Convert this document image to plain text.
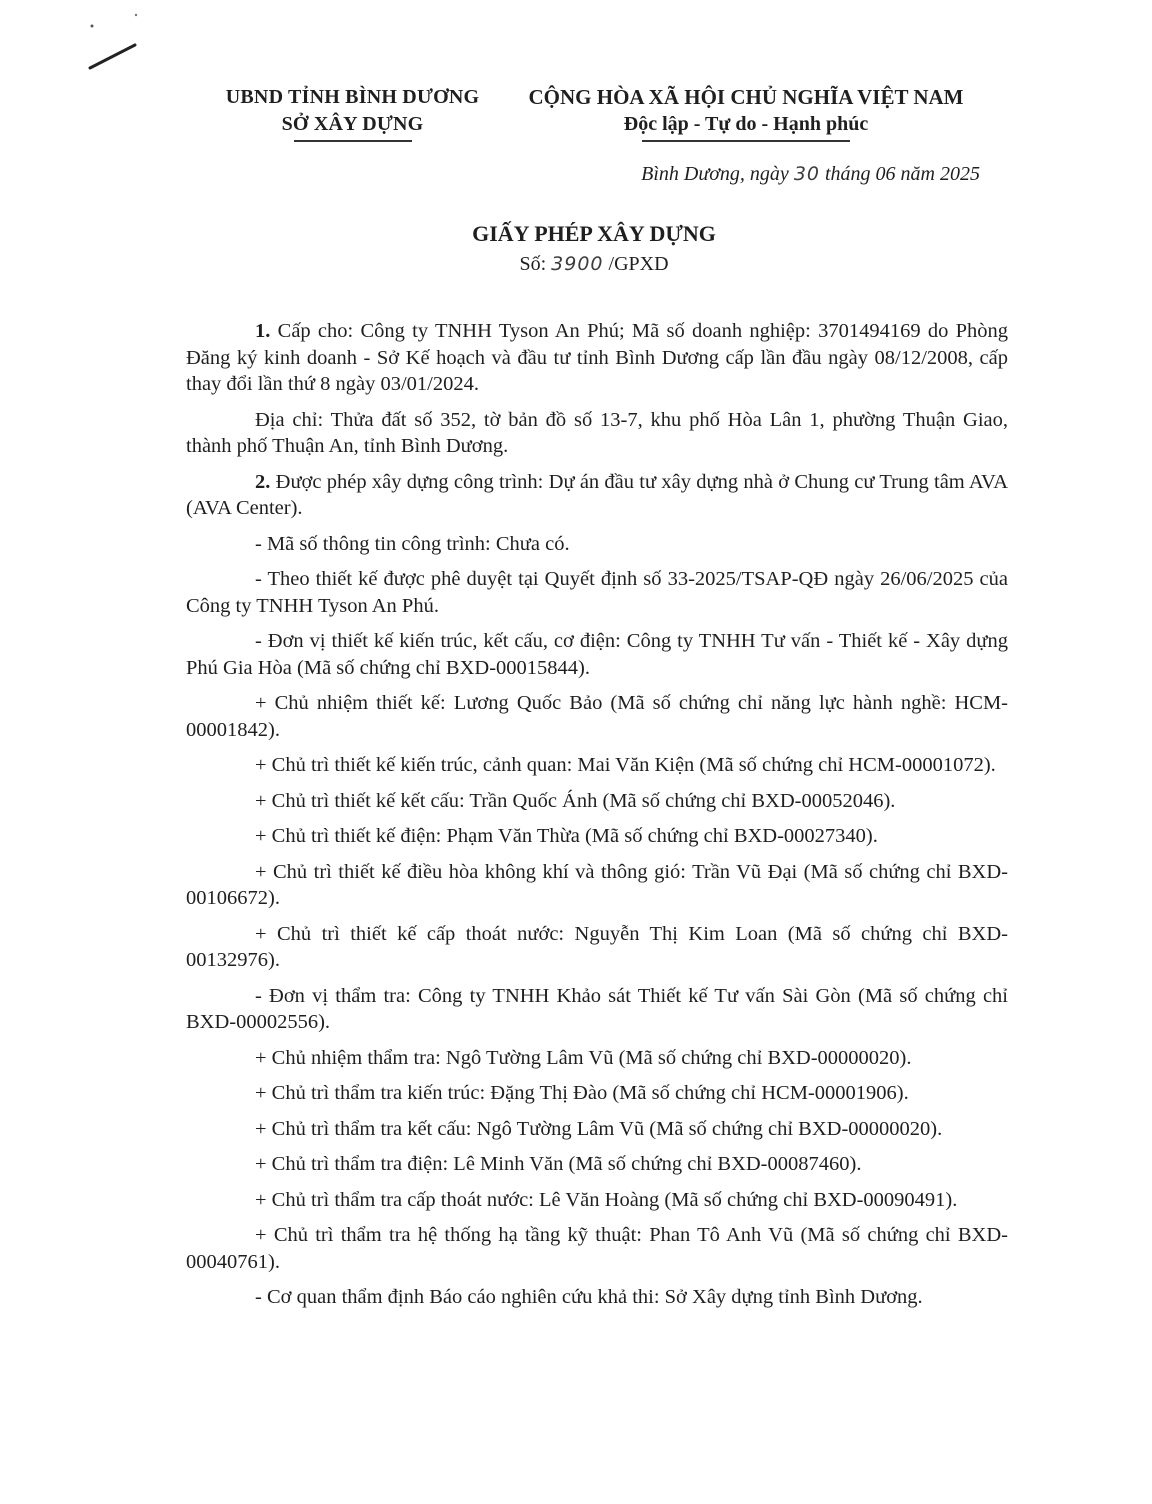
UBND TỈNH BÌNH DƯƠNG
SỞ XÂY DỰNG
CỘNG HÒA XÃ HỘI CHỦ NGHĨA VIỆT NAM
Độc lập - Tự do - Hạnh phúc
Bình Dương, ngày 30 tháng 06 năm 2025
GIẤY PHÉP XÂY DỰNG
Số: 3900 /GPXD

1. Cấp cho: Công ty TNHH Tyson An Phú; Mã số doanh nghiệp: 3701494169 do Phòng Đăng ký kinh doanh - Sở Kế hoạch và đầu tư tỉnh Bình Dương cấp lần đầu ngày 08/12/2008, cấp thay đổi lần thứ 8 ngày 03/01/2024.

Địa chỉ: Thửa đất số 352, tờ bản đồ số 13-7, khu phố Hòa Lân 1, phường Thuận Giao, thành phố Thuận An, tỉnh Bình Dương.

2. Được phép xây dựng công trình: Dự án đầu tư xây dựng nhà ở Chung cư Trung tâm AVA (AVA Center).

- Mã số thông tin công trình: Chưa có.

- Theo thiết kế được phê duyệt tại Quyết định số 33-2025/TSAP-QĐ ngày 26/06/2025 của Công ty TNHH Tyson An Phú.

- Đơn vị thiết kế kiến trúc, kết cấu, cơ điện: Công ty TNHH Tư vấn - Thiết kế - Xây dựng Phú Gia Hòa (Mã số chứng chỉ BXD-00015844).

+ Chủ nhiệm thiết kế: Lương Quốc Bảo (Mã số chứng chỉ năng lực hành nghề: HCM-00001842).

+ Chủ trì thiết kế kiến trúc, cảnh quan: Mai Văn Kiện (Mã số chứng chỉ HCM-00001072).

+ Chủ trì thiết kế kết cấu: Trần Quốc Ánh (Mã số chứng chỉ BXD-00052046).

+ Chủ trì thiết kế điện: Phạm Văn Thừa (Mã số chứng chỉ BXD-00027340).

+ Chủ trì thiết kế điều hòa không khí và thông gió: Trần Vũ Đại (Mã số chứng chỉ BXD-00106672).

+ Chủ trì thiết kế cấp thoát nước: Nguyễn Thị Kim Loan (Mã số chứng chỉ BXD-00132976).

- Đơn vị thẩm tra: Công ty TNHH Khảo sát Thiết kế Tư vấn Sài Gòn (Mã số chứng chỉ BXD-00002556).

+ Chủ nhiệm thẩm tra: Ngô Tường Lâm Vũ (Mã số chứng chỉ BXD-00000020).

+ Chủ trì thẩm tra kiến trúc: Đặng Thị Đào (Mã số chứng chỉ HCM-00001906).

+ Chủ trì thẩm tra kết cấu: Ngô Tường Lâm Vũ (Mã số chứng chỉ BXD-00000020).

+ Chủ trì thẩm tra điện: Lê Minh Văn (Mã số chứng chỉ BXD-00087460).

+ Chủ trì thẩm tra cấp thoát nước: Lê Văn Hoàng (Mã số chứng chỉ BXD-00090491).

+ Chủ trì thẩm tra hệ thống hạ tầng kỹ thuật: Phan Tô Anh Vũ (Mã số chứng chỉ BXD-00040761).

- Cơ quan thẩm định Báo cáo nghiên cứu khả thi: Sở Xây dựng tỉnh Bình Dương.
